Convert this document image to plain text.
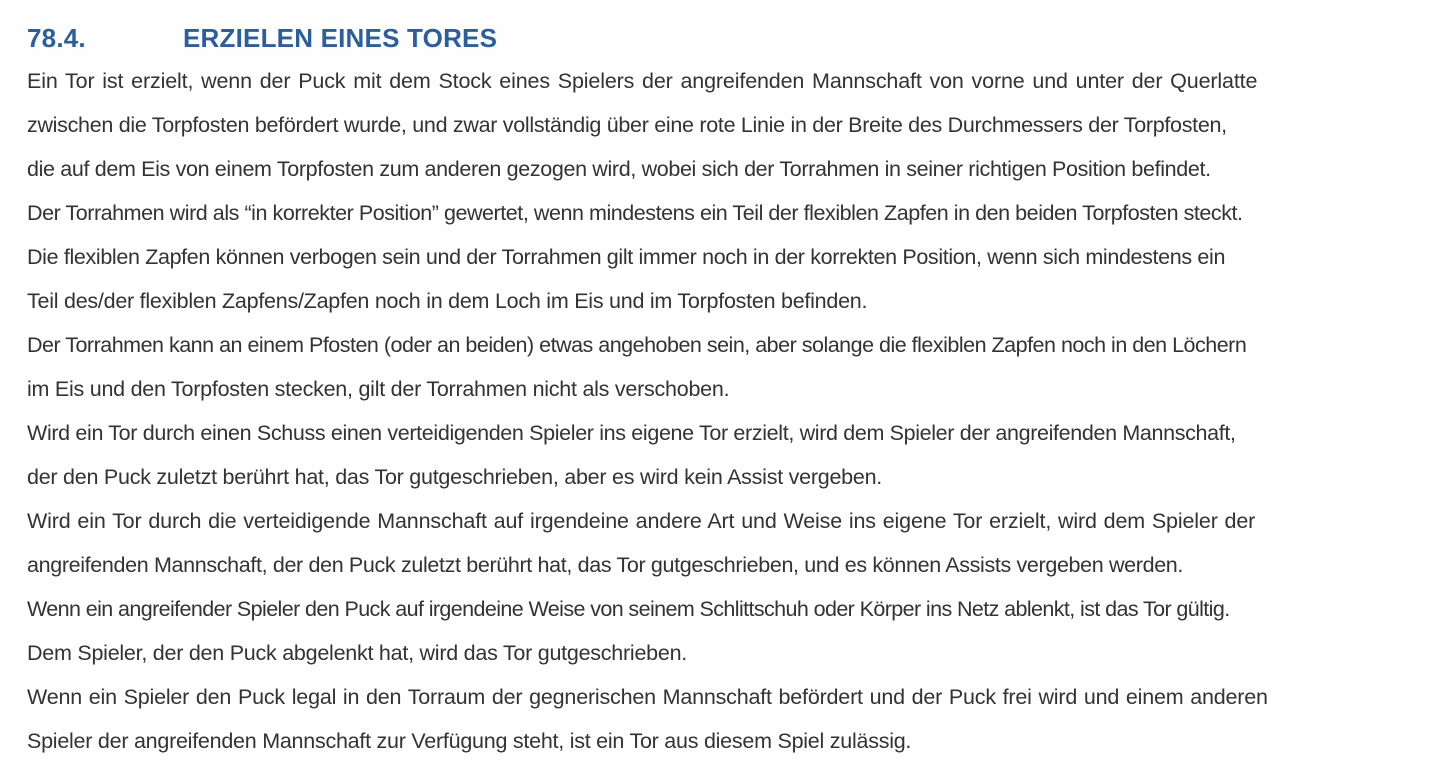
78.4.	ERZIELEN EINES TORES
Ein Tor ist erzielt, wenn der Puck mit dem Stock eines Spielers der angreifenden Mannschaft von vorne und unter der Querlatte
zwischen die Torpfosten befördert wurde, und zwar vollständig über eine rote Linie in der Breite des Durchmessers der Torpfosten,
die auf dem Eis von einem Torpfosten zum anderen gezogen wird, wobei sich der Torrahmen in seiner richtigen Position befindet.
Der Torrahmen wird als “in korrekter Position” gewertet, wenn mindestens ein Teil der flexiblen Zapfen in den beiden Torpfosten steckt.
Die flexiblen Zapfen können verbogen sein und der Torrahmen gilt immer noch in der korrekten Position, wenn sich mindestens ein
Teil des/der flexiblen Zapfens/Zapfen noch in dem Loch im Eis und im Torpfosten befinden.
Der Torrahmen kann an einem Pfosten (oder an beiden) etwas angehoben sein, aber solange die flexiblen Zapfen noch in den Löchern
im Eis und den Torpfosten stecken, gilt der Torrahmen nicht als verschoben.
Wird ein Tor durch einen Schuss einen verteidigenden Spieler ins eigene Tor erzielt, wird dem Spieler der angreifenden Mannschaft,
der den Puck zuletzt berührt hat, das Tor gutgeschrieben, aber es wird kein Assist vergeben.
Wird ein Tor durch die verteidigende Mannschaft auf irgendeine andere Art und Weise ins eigene Tor erzielt, wird dem Spieler der
angreifenden Mannschaft, der den Puck zuletzt berührt hat, das Tor gutgeschrieben, und es können Assists vergeben werden.
Wenn ein angreifender Spieler den Puck auf irgendeine Weise von seinem Schlittschuh oder Körper ins Netz ablenkt, ist das Tor gültig.
Dem Spieler, der den Puck abgelenkt hat, wird das Tor gutgeschrieben.
Wenn ein Spieler den Puck legal in den Torraum der gegnerischen Mannschaft befördert und der Puck frei wird und einem anderen
Spieler der angreifenden Mannschaft zur Verfügung steht, ist ein Tor aus diesem Spiel zulässig.
